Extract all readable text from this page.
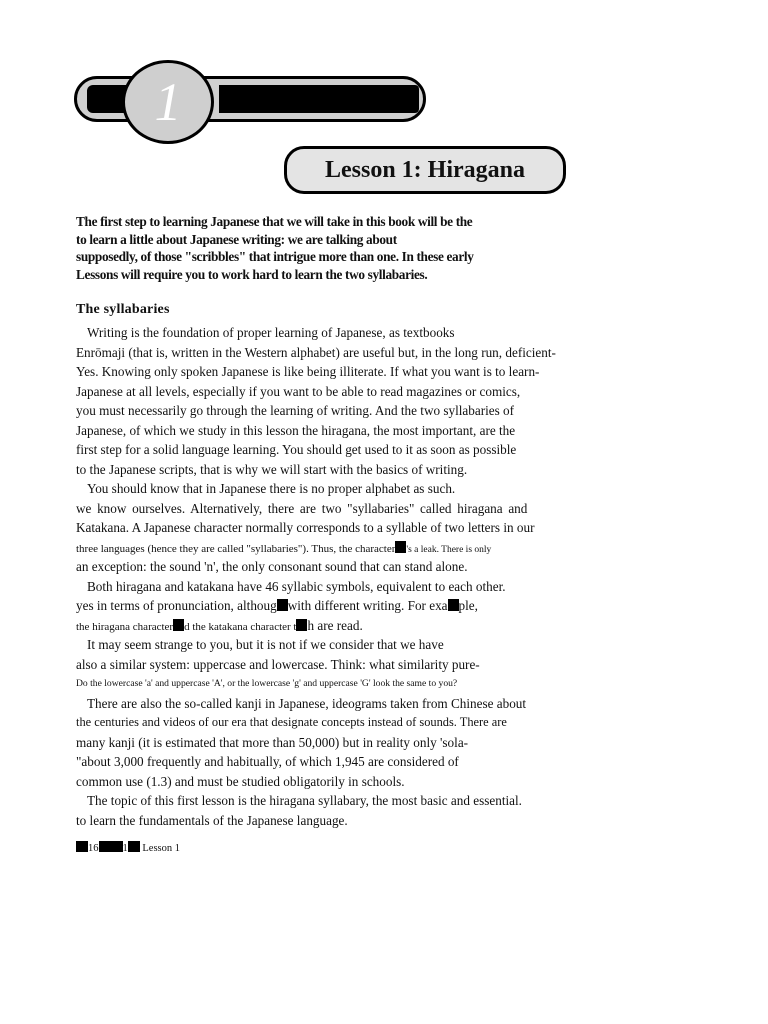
1
Lesson 1: Hiragana
The first step to learning Japanese that we will take in this book will be the
to learn a little about Japanese writing: we are talking about
supposedly, of those "scribbles" that intrigue more than one. In these early
Lessons will require you to work hard to learn the two syllabaries.
The syllabaries
Writing is the foundation of proper learning of Japanese, as textbooks
Enrōmaji (that is, written in the Western alphabet) are useful but, in the long run, deficient-
Yes. Knowing only spoken Japanese is like being illiterate. If what you want is to learn-
Japanese at all levels, especially if you want to be able to read magazines or comics,
you must necessarily go through the learning of writing. And the two syllabaries of
Japanese, of which we study in this lesson the hiragana, the most important, are the
first step for a solid language learning. You should get used to it as soon as possible
to the Japanese scripts, that is why we will start with the basics of writing.
You should know that in Japanese there is no proper alphabet as such.
we know ourselves. Alternatively, there are two "syllabaries" called hiragana and
Katakana. A Japanese character normally corresponds to a syllable of two letters in our
three languages (hence they are called "syllabaries"). Thus, the character 's a leak. There is only
an exception: the sound 'n', the only consonant sound that can stand alone.
Both hiragana and katakana have 46 syllabic symbols, equivalent to each other.
yes in terms of pronunciation, althoug with different writing. For exa ple,
the hiragana character d the katakana character t h are read.
It may seem strange to you, but it is not if we consider that we have
also a similar system: uppercase and lowercase. Think: what similarity pure-
Do the lowercase 'a' and uppercase 'A', or the lowercase 'g' and uppercase 'G' look the same to you?
There are also the so-called kanji in Japanese, ideograms taken from Chinese about
the centuries and videos of our era that designate concepts instead of sounds. There are
many kanji (it is estimated that more than 50,000) but in reality only 'sola-
"about 3,000 frequently and habitually, of which 1,945 are considered of
common use (1.3) and must be studied obligatorily in schools.
The topic of this first lesson is the hiragana syllabary, the most basic and essential.
to learn the fundamentals of the Japanese language.
16 1 Lesson 1
